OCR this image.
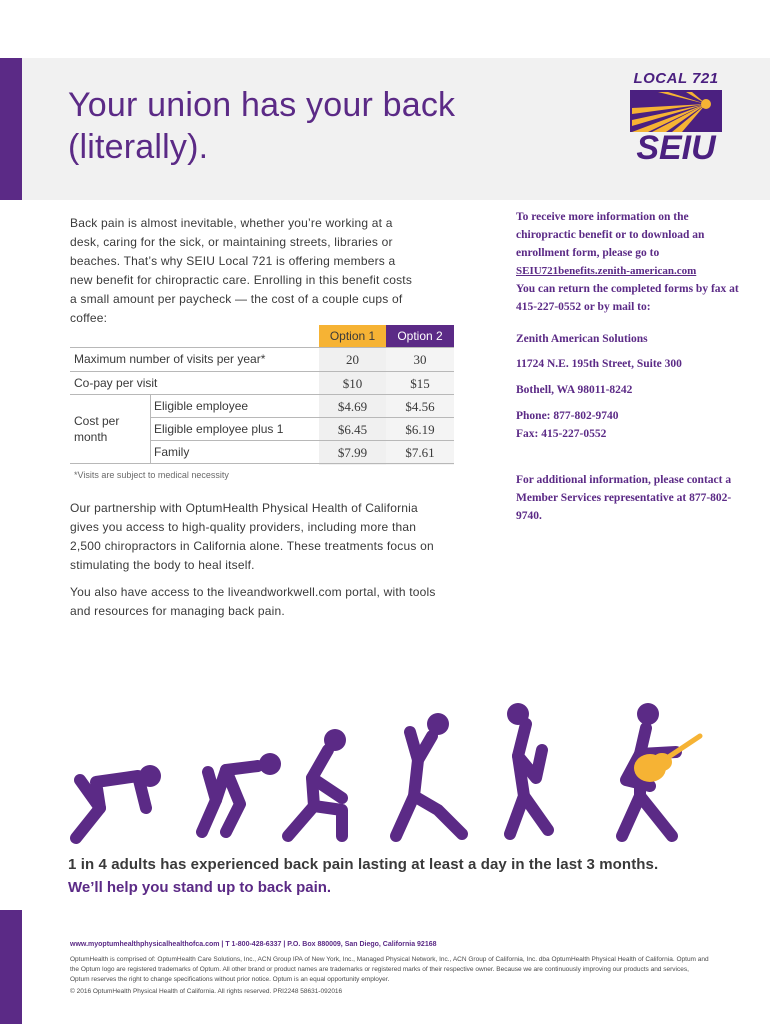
Your union has your back
(literally).
LOCAL 721
SEIU
Back pain is almost inevitable, whether you’re working at a desk, caring for the sick, or maintaining streets, libraries or beaches. That’s why SEIU Local 721 is offering members a new benefit for chiropractic care. Enrolling in this benefit costs a small amount per paycheck — the cost of a couple cups of coffee:
Option 1	Option 2
Maximum number of visits per year*	20	30
Co-pay per visit	$10	$15
Cost per month
Eligible employee	$4.69	$4.56
Eligible employee plus 1	$6.45	$6.19
Family	$7.99	$7.61
*Visits are subject to medical necessity
Our partnership with OptumHealth Physical Health of California gives you access to high-quality providers, including more than 2,500 chiropractors in California alone. These treatments focus on stimulating the body to heal itself.
You also have access to the liveandworkwell.com portal, with tools and resources for managing back pain.
To receive more information on the chiropractic benefit or to download an enrollment form, please go to
SEIU721benefits.zenith-american.com
You can return the completed forms by fax at 415-227-0552 or by mail to:
Zenith American Solutions
11724 N.E. 195th Street, Suite 300
Bothell, WA 98011-8242
Phone: 877-802-9740
Fax: 415-227-0552
For additional information, please contact a Member Services representative at 877-802-9740.
1 in 4 adults has experienced back pain lasting at least a day in the last 3 months.
We’ll help you stand up to back pain.
www.myoptumhealthphysicalhealthofca.com | T 1-800-428-6337 | P.O. Box 880009, San Diego, California 92168
OptumHealth is comprised of: OptumHealth Care Solutions, Inc., ACN Group IPA of New York, Inc., Managed Physical Network, Inc., ACN Group of California, Inc. dba OptumHealth Physical Health of California. Optum and the Optum logo are registered trademarks of Optum. All other brand or product names are trademarks or registered marks of their respective owner. Because we are continuously improving our products and services, Optum reserves the right to change specifications without prior notice. Optum is an equal opportunity employer.
© 2016 OptumHealth Physical Health of California. All rights reserved. PRI2248 58631-092016
